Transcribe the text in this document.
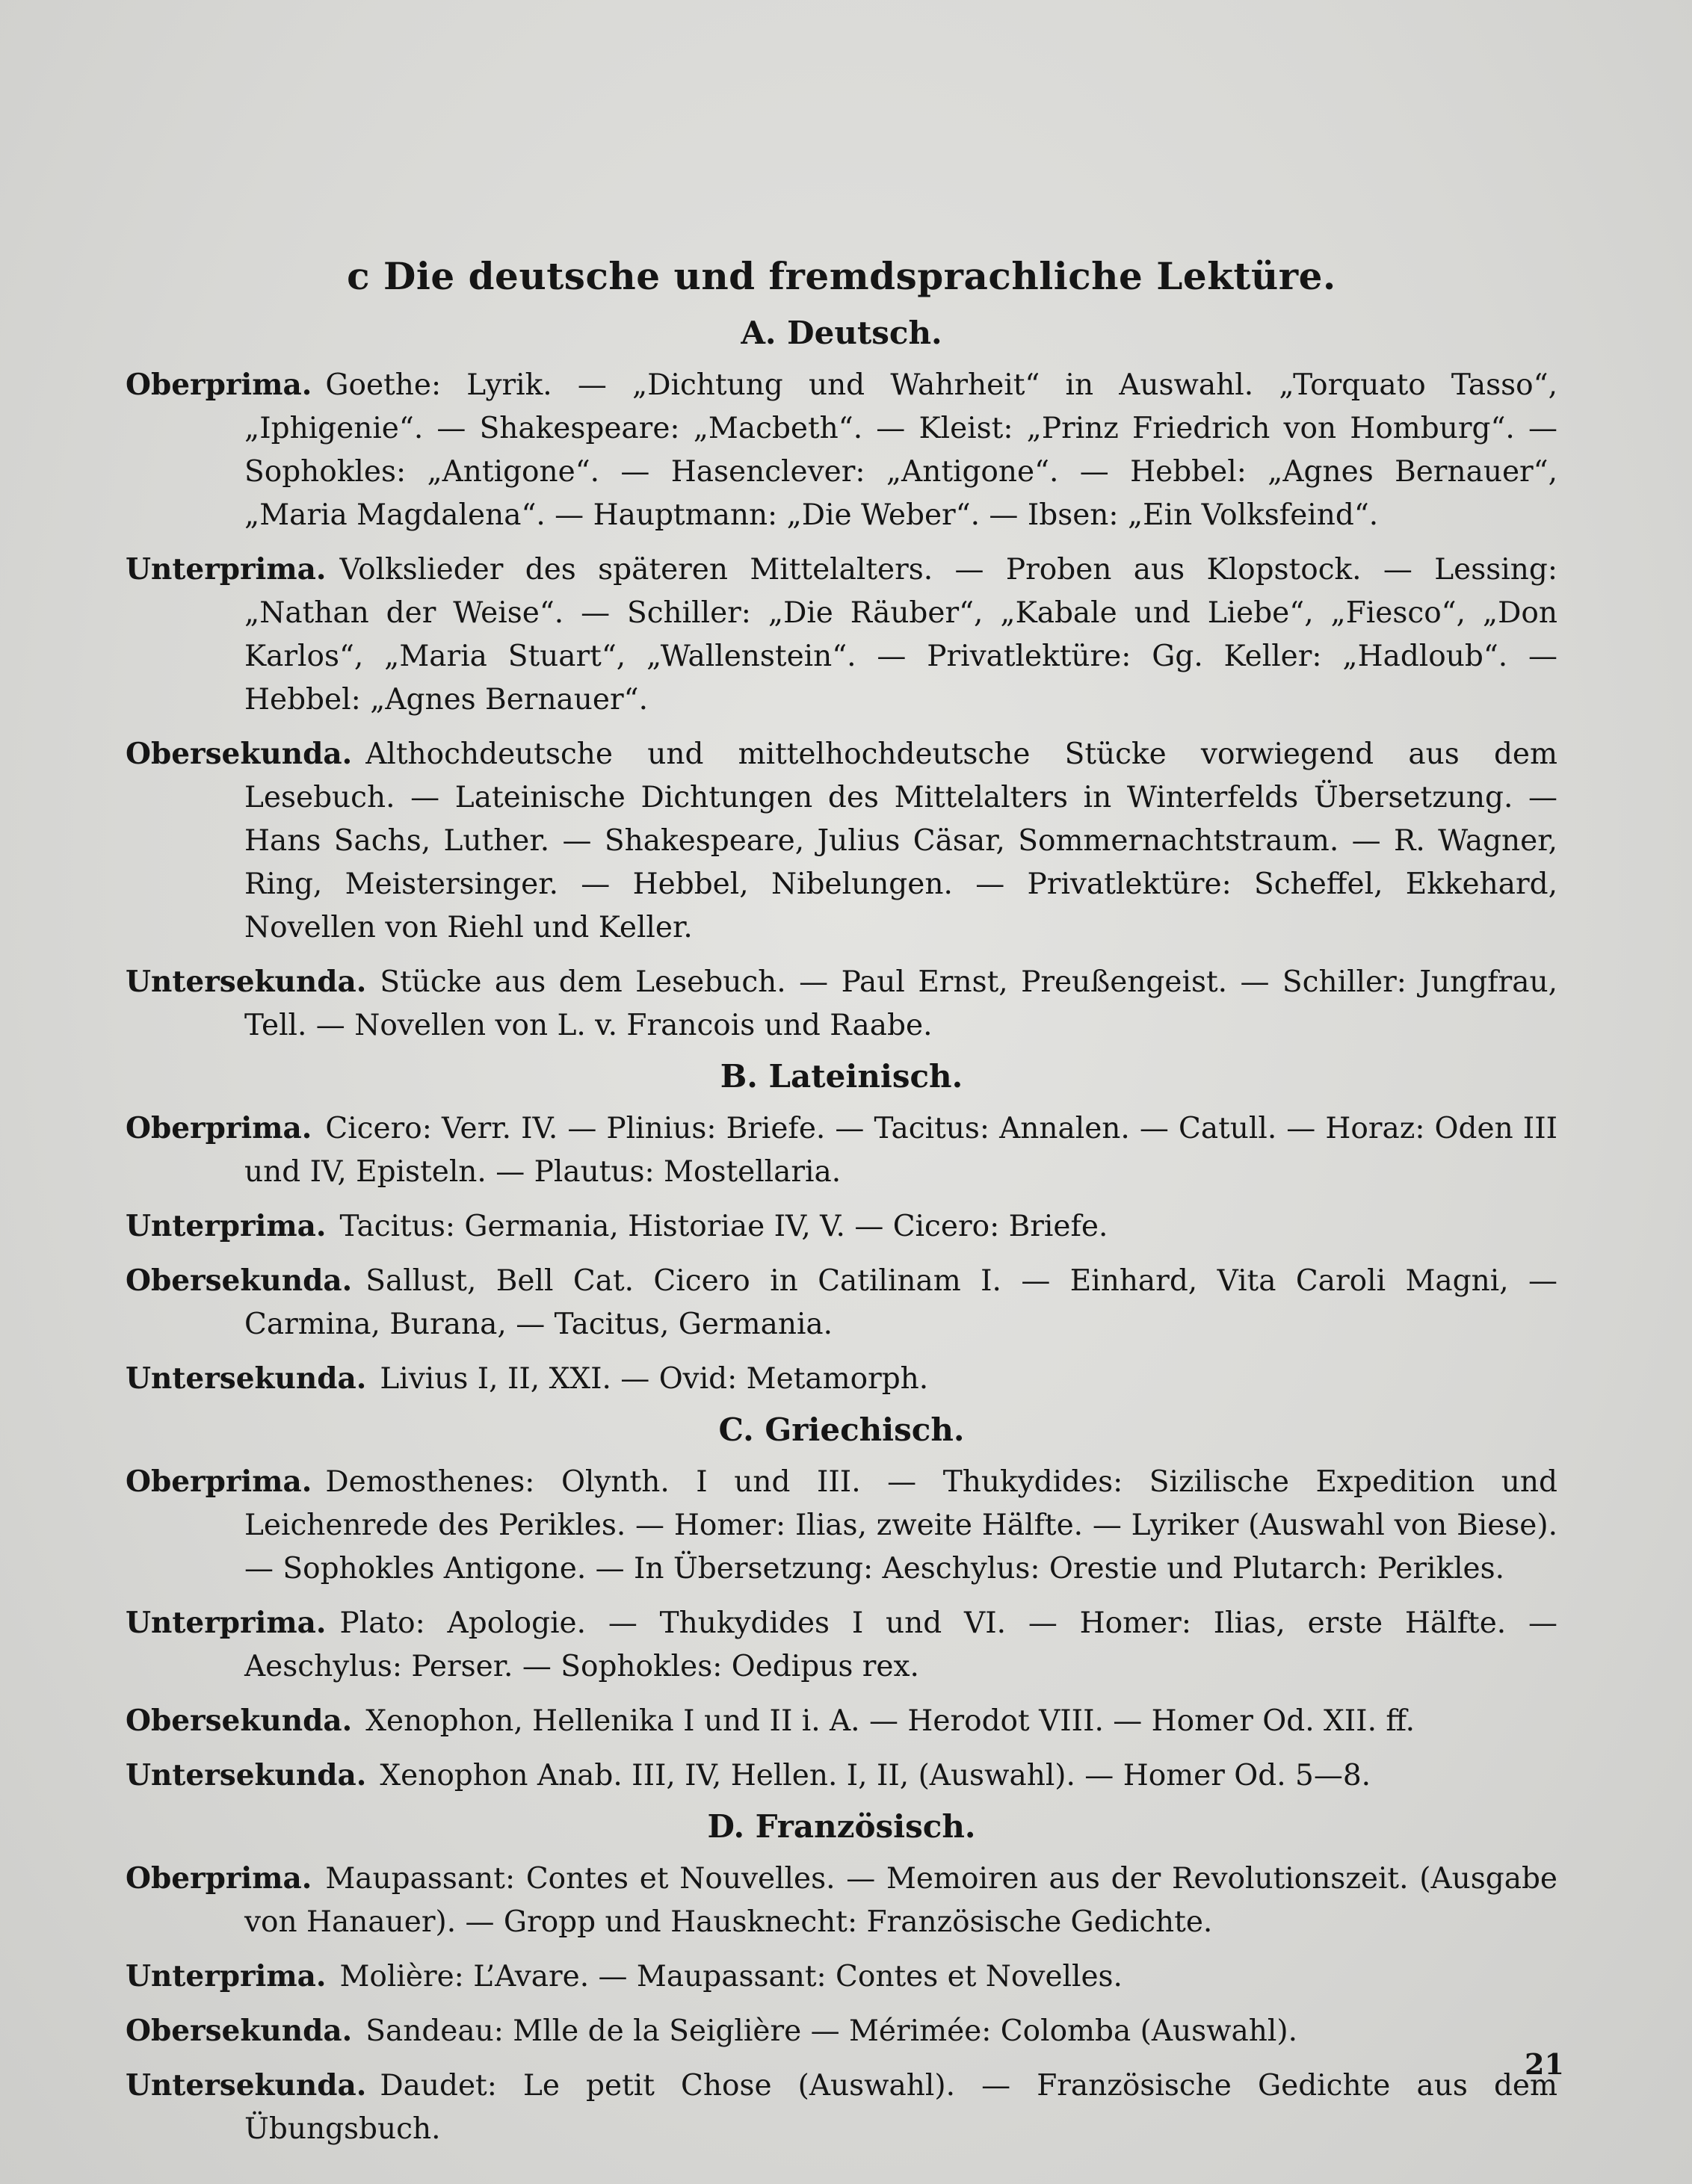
c Die deutsche und fremdsprachliche Lektüre.
A. Deutsch.

Oberprima. Goethe: Lyrik. — „Dichtung und Wahrheit“ in Auswahl. „Torquato Tasso“, „Iphigenie“. — Shakespeare: „Macbeth“. — Kleist: „Prinz Friedrich von Homburg“. — Sophokles: „Antigone“. — Hasenclever: „Antigone“. — Hebbel: „Agnes Bernauer“, „Maria Magdalena“. — Hauptmann: „Die Weber“. — Ibsen: „Ein Volksfeind“.

Unterprima. Volkslieder des späteren Mittelalters. — Proben aus Klopstock. — Lessing: „Nathan der Weise“. — Schiller: „Die Räuber“, „Kabale und Liebe“, „Fiesco“, „Don Karlos“, „Maria Stuart“, „Wallenstein“. — Privatlektüre: Gg. Keller: „Hadloub“. — Hebbel: „Agnes Bernauer“.

Obersekunda. Althochdeutsche und mittelhochdeutsche Stücke vorwiegend aus dem Lesebuch. — Lateinische Dichtungen des Mittelalters in Winterfelds Übersetzung. — Hans Sachs, Luther. — Shakespeare, Julius Cäsar, Sommernachtstraum. — R. Wagner, Ring, Meistersinger. — Hebbel, Nibelungen. — Privatlektüre: Scheffel, Ekkehard, Novellen von Riehl und Keller.

Untersekunda. Stücke aus dem Lesebuch. — Paul Ernst, Preußengeist. — Schiller: Jungfrau, Tell. — Novellen von L. v. Francois und Raabe.

B. Lateinisch.

Oberprima. Cicero: Verr. IV. — Plinius: Briefe. — Tacitus: Annalen. — Catull. — Horaz: Oden III und IV, Episteln. — Plautus: Mostellaria.

Unterprima. Tacitus: Germania, Historiae IV, V. — Cicero: Briefe.

Obersekunda. Sallust, Bell Cat. Cicero in Catilinam I. — Einhard, Vita Caroli Magni, — Carmina, Burana, — Tacitus, Germania.

Untersekunda. Livius I, II, XXI. — Ovid: Metamorph.

C. Griechisch.

Oberprima. Demosthenes: Olynth. I und III. — Thukydides: Sizilische Expedition und Leichenrede des Perikles. — Homer: Ilias, zweite Hälfte. — Lyriker (Auswahl von Biese). — Sophokles Antigone. — In Übersetzung: Aeschylus: Orestie und Plutarch: Perikles.

Unterprima. Plato: Apologie. — Thukydides I und VI. — Homer: Ilias, erste Hälfte. — Aeschylus: Perser. — Sophokles: Oedipus rex.

Obersekunda. Xenophon, Hellenika I und II i. A. — Herodot VIII. — Homer Od. XII. ff.

Untersekunda. Xenophon Anab. III, IV, Hellen. I, II, (Auswahl). — Homer Od. 5—8.

D. Französisch.

Oberprima. Maupassant: Contes et Nouvelles. — Memoiren aus der Revolutionszeit. (Ausgabe von Hanauer). — Gropp und Hausknecht: Französische Gedichte.

Unterprima. Molière: L’Avare. — Maupassant: Contes et Novelles.

Obersekunda. Sandeau: Mlle de la Seiglière — Mérimée: Colomba (Auswahl).

Untersekunda. Daudet: Le petit Chose (Auswahl). — Französische Gedichte aus dem Übungsbuch.

21
